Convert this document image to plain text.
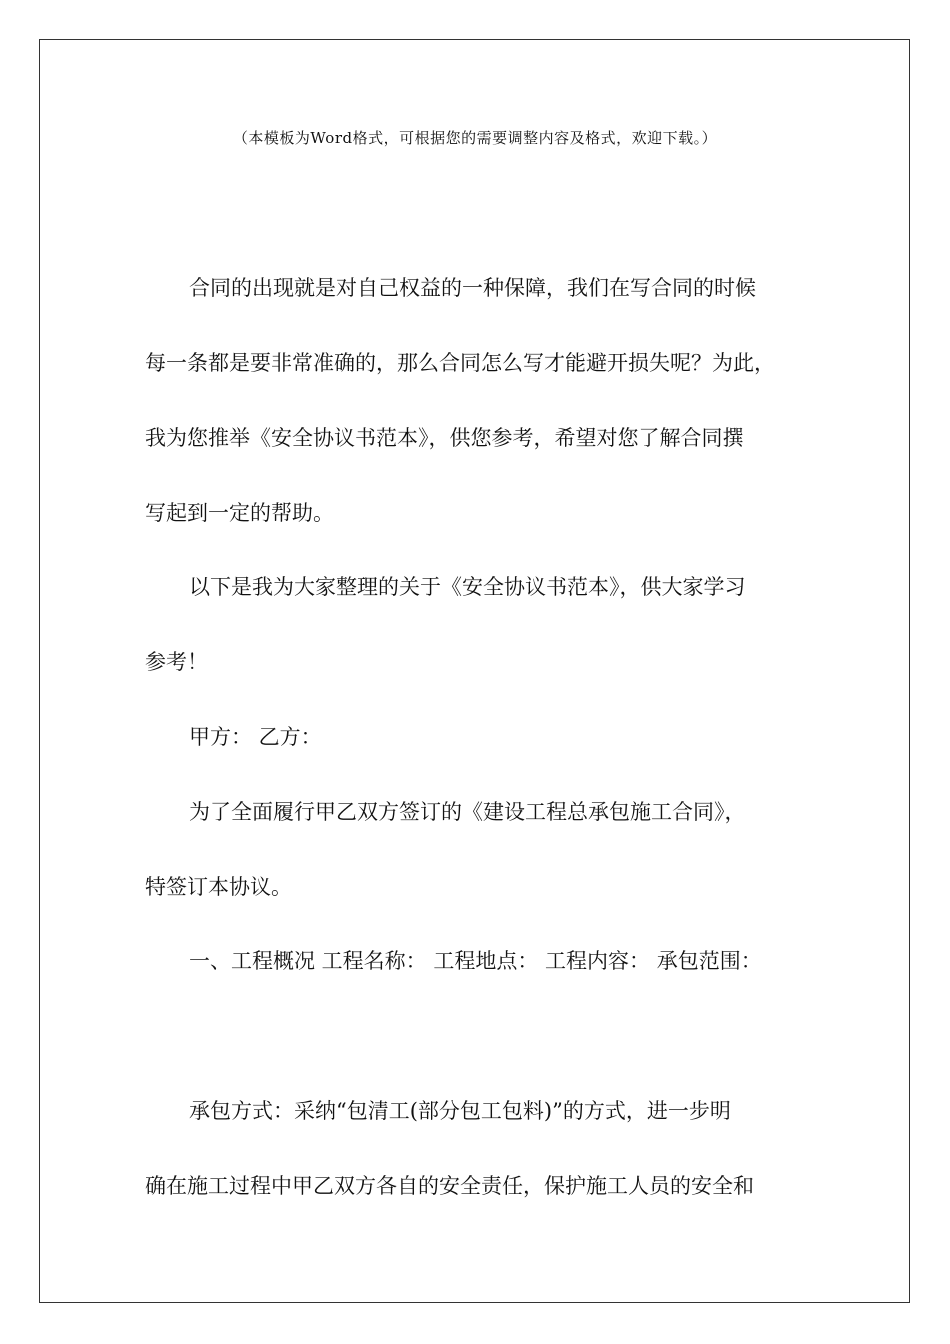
（本模板为Word格式，可根据您的需要调整内容及格式，欢迎下载。）
合同的出现就是对自己权益的一种保障，我们在写合同的时候
每一条都是要非常准确的，那么合同怎么写才能避开损失呢？为此，
我为您推举《安全协议书范本》，供您参考，希望对您了解合同撰
写起到一定的帮助。
以下是我为大家整理的关于《安全协议书范本》，供大家学习
参考！
甲方： 乙方：
为了全面履行甲乙双方签订的《建设工程总承包施工合同》，
特签订本协议。
一、工程概况 工程名称： 工程地点： 工程内容： 承包范围：
承包方式：采纳“包清工(部分包工包料)”的方式，进一步明
确在施工过程中甲乙双方各自的安全责任，保护施工人员的安全和
